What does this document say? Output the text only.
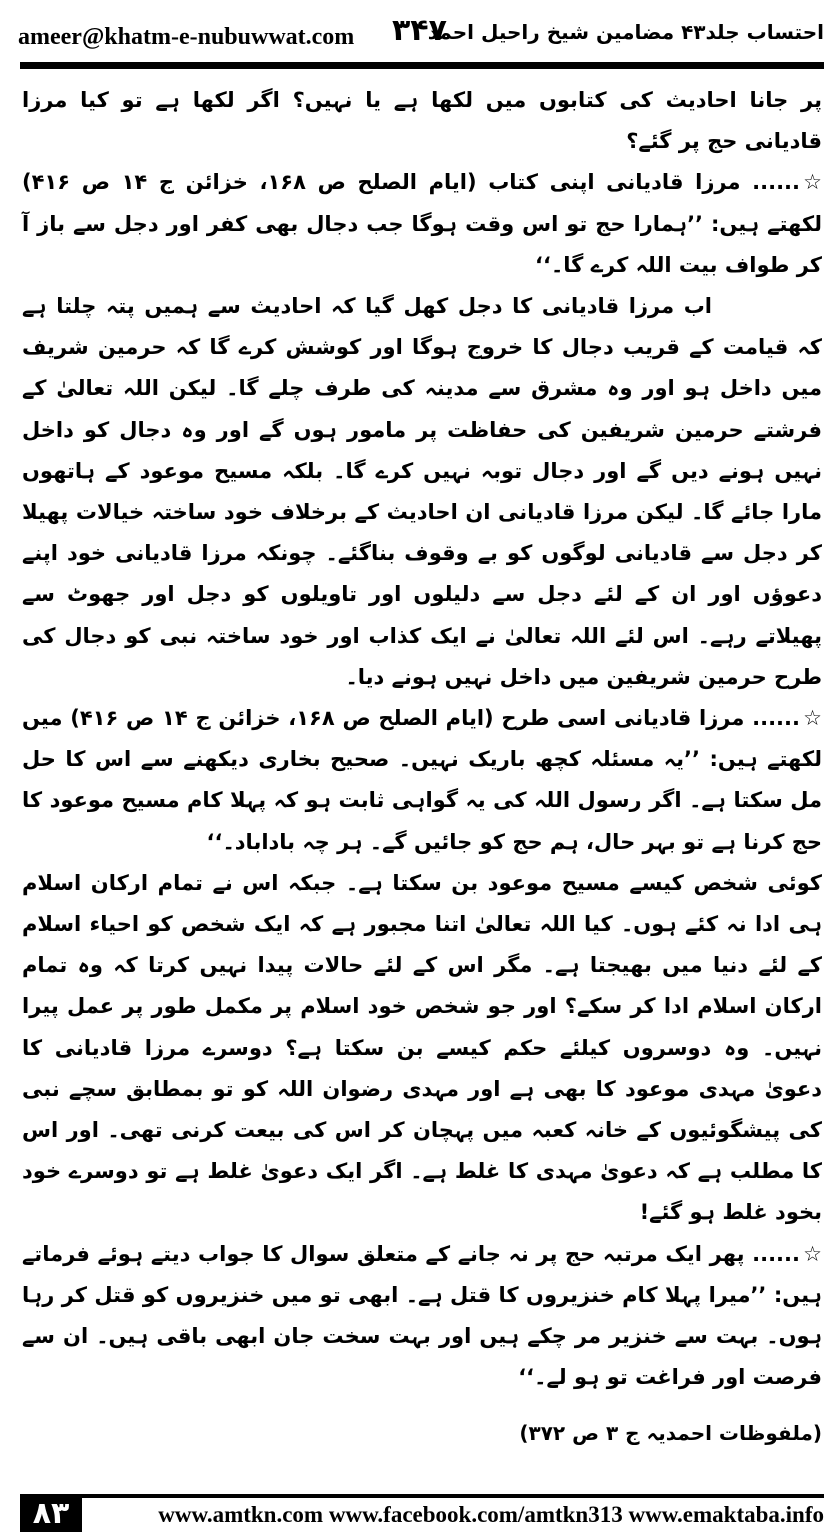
ameer@khatm-e-nubuwwat.com ۳۴۷
احتساب جلد۴۳ مضامین شیخ راحیل احمد

پر جانا احادیث کی کتابوں میں لکھا ہے یا نہیں؟ اگر لکھا ہے تو کیا مرزا قادیانی حج پر گئے؟

☆...... مرزا قادیانی اپنی کتاب (ایام الصلح ص ۱۶۸، خزائن ج ۱۴ ص ۴۱۶) لکھتے ہیں: ’’ہمارا حج تو اس وقت ہوگا جب دجال بھی کفر اور دجل سے باز آ کر طواف بیت اللہ کرے گا۔‘‘

اب مرزا قادیانی کا دجل کھل گیا کہ احادیث سے ہمیں پتہ چلتا ہے کہ قیامت کے قریب دجال کا خروج ہوگا اور کوشش کرے گا کہ حرمین شریف میں داخل ہو اور وہ مشرق سے مدینہ کی طرف چلے گا۔ لیکن اللہ تعالیٰ کے فرشتے حرمین شریفین کی حفاظت پر مامور ہوں گے اور وہ دجال کو داخل نہیں ہونے دیں گے اور دجال توبہ نہیں کرے گا۔ بلکہ مسیح موعود کے ہاتھوں مارا جائے گا۔ لیکن مرزا قادیانی ان احادیث کے برخلاف خود ساختہ خیالات پھیلا کر دجل سے قادیانی لوگوں کو بے وقوف بناگئے۔ چونکہ مرزا قادیانی خود اپنے دعوؤں اور ان کے لئے دجل سے دلیلوں اور تاویلوں کو دجل اور جھوٹ سے پھیلاتے رہے۔ اس لئے اللہ تعالیٰ نے ایک کذاب اور خود ساختہ نبی کو دجال کی طرح حرمین شریفین میں داخل نہیں ہونے دیا۔

☆...... مرزا قادیانی اسی طرح (ایام الصلح ص ۱۶۸، خزائن ج ۱۴ ص ۴۱۶) میں لکھتے ہیں: ’’یہ مسئلہ کچھ باریک نہیں۔ صحیح بخاری دیکھنے سے اس کا حل مل سکتا ہے۔ اگر رسول اللہ کی یہ گواہی ثابت ہو کہ پہلا کام مسیح موعود کا حج کرنا ہے تو بہر حال، ہم حج کو جائیں گے۔ ہر چہ باداباد۔‘‘

کوئی شخص کیسے مسیح موعود بن سکتا ہے۔ جبکہ اس نے تمام ارکان اسلام ہی ادا نہ کئے ہوں۔ کیا اللہ تعالیٰ اتنا مجبور ہے کہ ایک شخص کو احیاء اسلام کے لئے دنیا میں بھیجتا ہے۔ مگر اس کے لئے حالات پیدا نہیں کرتا کہ وہ تمام ارکان اسلام ادا کر سکے؟ اور جو شخص خود اسلام پر مکمل طور پر عمل پیرا نہیں۔ وہ دوسروں کیلئے حکم کیسے بن سکتا ہے؟ دوسرے مرزا قادیانی کا دعویٰ مہدی موعود کا بھی ہے اور مہدی رضوان اللہ کو تو بمطابق سچے نبی کی پیشگوئیوں کے خانہ کعبہ میں پہچان کر اس کی بیعت کرنی تھی۔ اور اس کا مطلب ہے کہ دعویٰ مہدی کا غلط ہے۔ اگر ایک دعویٰ غلط ہے تو دوسرے خود بخود غلط ہو گئے!

☆...... پھر ایک مرتبہ حج پر نہ جانے کے متعلق سوال کا جواب دیتے ہوئے فرماتے ہیں: ’’میرا پہلا کام خنزیروں کا قتل ہے۔ ابھی تو میں خنزیروں کو قتل کر رہا ہوں۔ بہت سے خنزیر مر چکے ہیں اور بہت سخت جان ابھی باقی ہیں۔ ان سے فرصت اور فراغت تو ہو لے۔‘‘

(ملفوظات احمدیہ ج ۳ ص ۳۷۲)

۸۳	www.amtkn.com www.facebook.com/amtkn313 www.emaktaba.info
